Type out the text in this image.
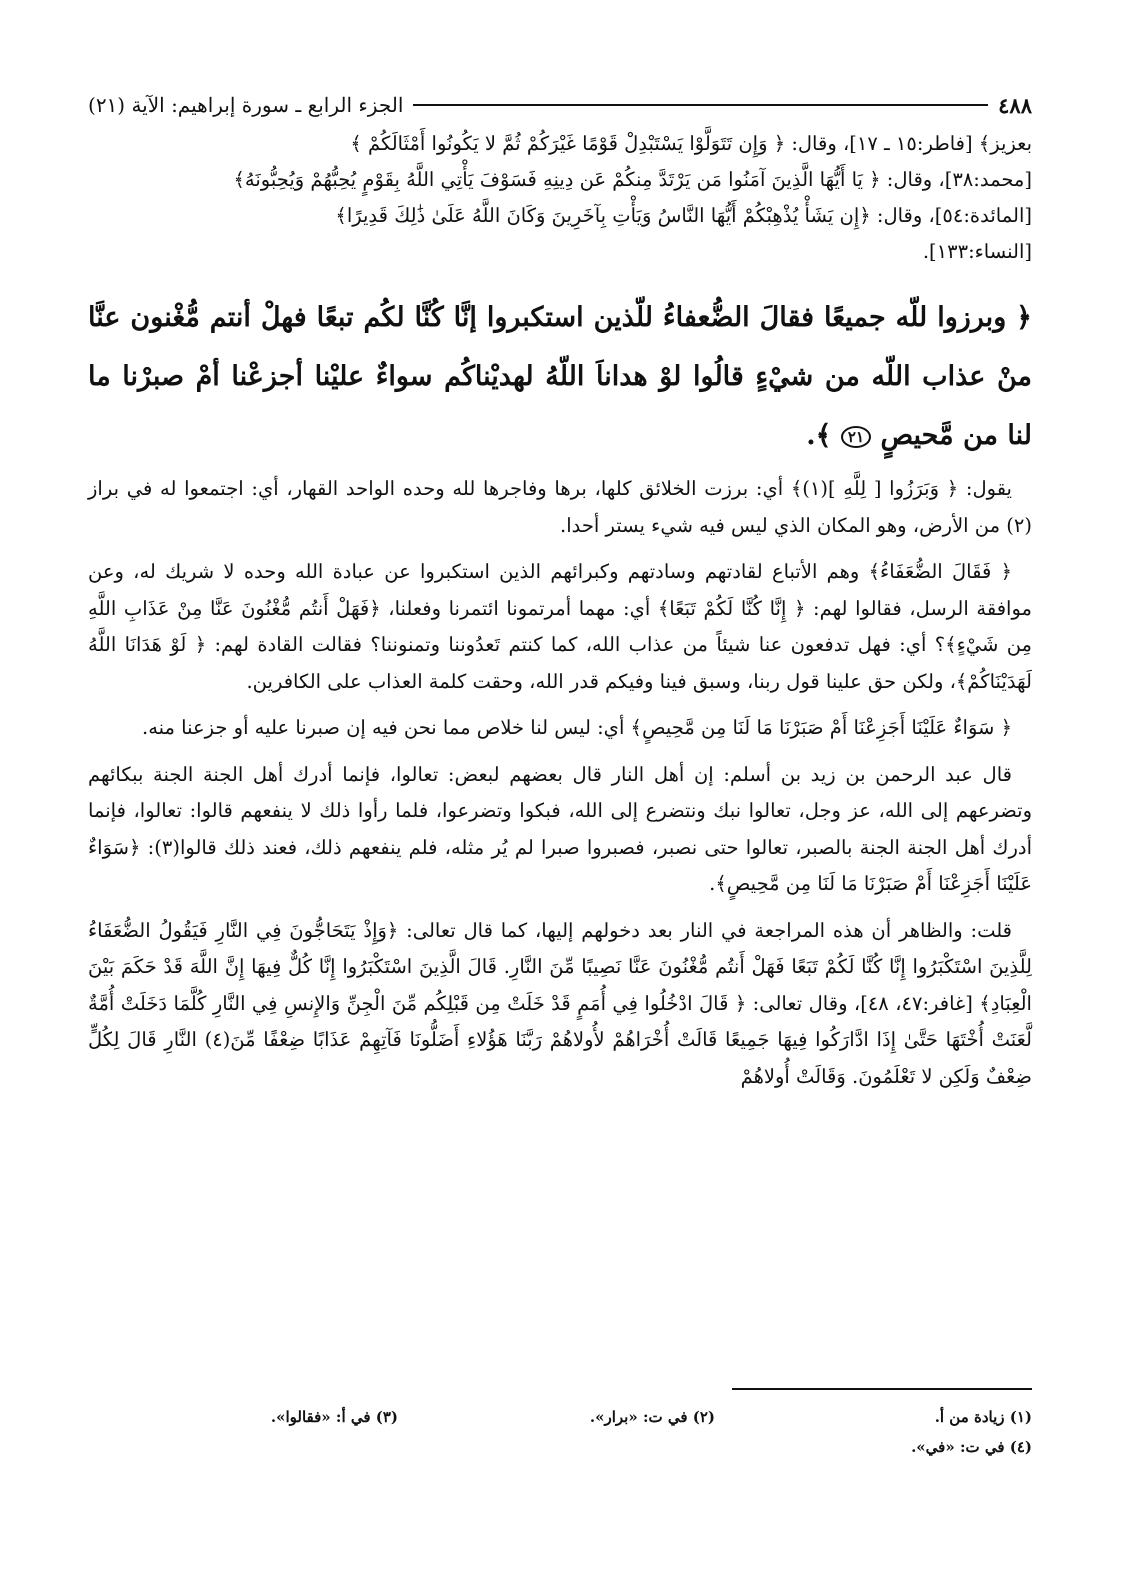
٤٨٨
الجزء الرابع ـ سورة إبراهيم: الآية (٢١)

بعزيز﴾ [فاطر:١٥ ـ ١٧]، وقال: ﴿ وَإِن تَتَوَلَّوْا يَسْتَبْدِلْ قَوْمًا غَيْرَكُمْ ثُمَّ لا يَكُونُوا أَمْثَالَكُمْ ﴾

[محمد:٣٨]، وقال: ﴿ يَا أَيُّهَا الَّذِينَ آمَنُوا مَن يَرْتَدَّ مِنكُمْ عَن دِينِهِ فَسَوْفَ يَأْتِي اللَّهُ بِقَوْمٍ يُحِبُّهُمْ وَيُحِبُّونَهُ﴾

[المائدة:٥٤]، وقال: ﴿إِن يَشَأْ يُذْهِبْكُمْ أَيُّهَا النَّاسُ وَيَأْتِ بِآخَرِينَ وَكَانَ اللَّهُ عَلَىٰ ذَٰلِكَ قَدِيرًا﴾

[النساء:١٣٣].

﴿ وبرزوا للّه جميعًا فقالَ الضُّعفاءُ للّذين استكبروا إنَّا كُنَّا لكُم تبعًا فهلْ أنتم مُّغْنون عنَّا منْ عذاب اللّه من شيْءٍ قالُوا لوْ هداناَ اللّهُ لهديْناكُم سواءٌ عليْنا أجزعْنا أمْ صبرْنا ما لنا من مَّحيصٍ ٢١ ﴾.

يقول: ﴿ وَبَرَزُوا [ لِلَّهِ ](١)﴾ أي: برزت الخلائق كلها، برها وفاجرها لله وحده الواحد القهار، أي: اجتمعوا له في براز (٢) من الأرض، وهو المكان الذي ليس فيه شيء يستر أحدا.

﴿ فَقَالَ الضُّعَفَاءُ﴾ وهم الأتباع لقادتهم وسادتهم وكبرائهم الذين استكبروا عن عبادة الله وحده لا شريك له، وعن موافقة الرسل، فقالوا لهم: ﴿ إِنَّا كُنَّا لَكُمْ تَبَعًا﴾ أي: مهما أمرتمونا ائتمرنا وفعلنا، ﴿فَهَلْ أَنتُم مُّغْنُونَ عَنَّا مِنْ عَذَابِ اللَّهِ مِن شَيْءٍ﴾؟ أي: فهل تدفعون عنا شيئاً من عذاب الله، كما كنتم تَعدُوننا وتمنوننا؟ فقالت القادة لهم: ﴿ لَوْ هَدَانَا اللَّهُ لَهَدَيْنَاكُمْ﴾، ولكن حق علينا قول ربنا، وسبق فينا وفيكم قدر الله، وحقت كلمة العذاب على الكافرين.

﴿ سَوَاءٌ عَلَيْنَا أَجَزِعْنَا أَمْ صَبَرْنَا مَا لَنَا مِن مَّحِيصٍ﴾ أي: ليس لنا خلاص مما نحن فيه إن صبرنا عليه أو جزعنا منه.

قال عبد الرحمن بن زيد بن أسلم: إن أهل النار قال بعضهم لبعض: تعالوا، فإنما أدرك أهل الجنة الجنة ببكائهم وتضرعهم إلى الله، عز وجل، تعالوا نبك ونتضرع إلى الله، فبكوا وتضرعوا، فلما رأوا ذلك لا ينفعهم قالوا: تعالوا، فإنما أدرك أهل الجنة الجنة بالصبر، تعالوا حتى نصبر، فصبروا صبرا لم يُر مثله، فلم ينفعهم ذلك، فعند ذلك قالوا(٣): ﴿سَوَاءٌ عَلَيْنَا أَجَزِعْنَا أَمْ صَبَرْنَا مَا لَنَا مِن مَّحِيصٍ﴾.

قلت: والظاهر أن هذه المراجعة في النار بعد دخولهم إليها، كما قال تعالى: ﴿وَإِذْ يَتَحَاجُّونَ فِي النَّارِ فَيَقُولُ الضُّعَفَاءُ لِلَّذِينَ اسْتَكْبَرُوا إِنَّا كُنَّا لَكُمْ تَبَعًا فَهَلْ أَنتُم مُّغْنُونَ عَنَّا نَصِيبًا مِّنَ النَّارِ. قَالَ الَّذِينَ اسْتَكْبَرُوا إِنَّا كُلٌّ فِيهَا إِنَّ اللَّهَ قَدْ حَكَمَ بَيْنَ الْعِبَادِ﴾ [غافر:٤٧، ٤٨]، وقال تعالى: ﴿ قَالَ ادْخُلُوا فِي أُمَمٍ قَدْ خَلَتْ مِن قَبْلِكُم مِّنَ الْجِنِّ وَالإِنسِ فِي النَّارِ كُلَّمَا دَخَلَتْ أُمَّةٌ لَّعَنَتْ أُخْتَهَا حَتَّىٰ إِذَا ادَّارَكُوا فِيهَا جَمِيعًا قَالَتْ أُخْرَاهُمْ لأُولاهُمْ رَبَّنَا هَؤُلاءِ أَضَلُّونَا فَآتِهِمْ عَذَابًا ضِعْفًا مِّنَ(٤) النَّارِ قَالَ لِكُلٍّ ضِعْفٌ وَلَكِن لا تَعْلَمُونَ. وَقَالَتْ أُولاهُمْ

(١) زيادة من أ.
(٢) في ت: «برار».
(٣) في أ: «فقالوا».
(٤) في ت: «في».
